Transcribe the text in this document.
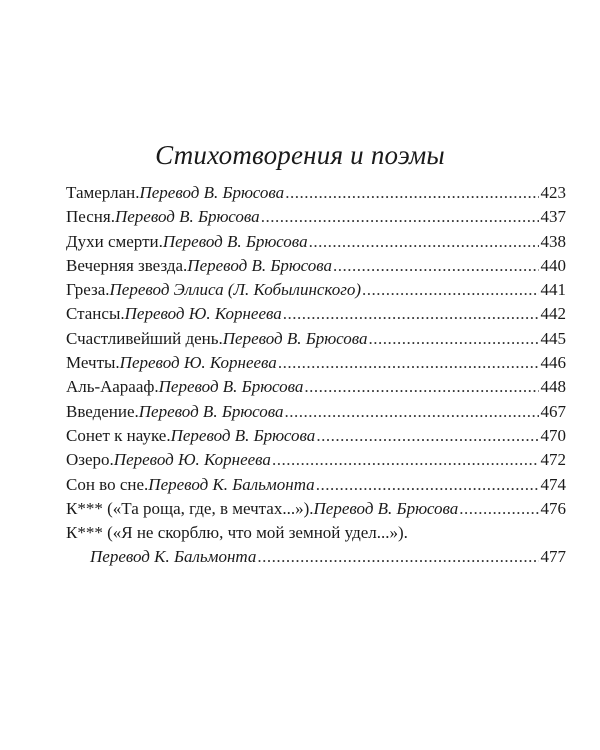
Стихотворения и поэмы
Тамерлан . Перевод В. Брюсова .....	423
Песня . Перевод В. Брюсова .....	437
Духи смерти . Перевод В. Брюсова .....	438
Вечерняя звезда . Перевод В. Брюсова .....	440
Греза . Перевод Эллиса (Л. Кобылинского) .....	441
Стансы . Перевод Ю. Корнеева .....	442
Счастливейший день . Перевод В. Брюсова .....	445
Мечты . Перевод Ю. Корнеева .....	446
Аль-Аарааф . Перевод В. Брюсова .....	448
Введение . Перевод В. Брюсова .....	467
Сонет к науке . Перевод В. Брюсова .....	470
Озеро . Перевод Ю. Корнеева .....	472
Сон во сне . Перевод К. Бальмонта .....	474
К*** («Та роща, где, в мечтах...») . Перевод В. Брюсова .....	476
К*** («Я не скорблю, что мой земной удел...»).
Перевод К. Бальмонта .....	477
